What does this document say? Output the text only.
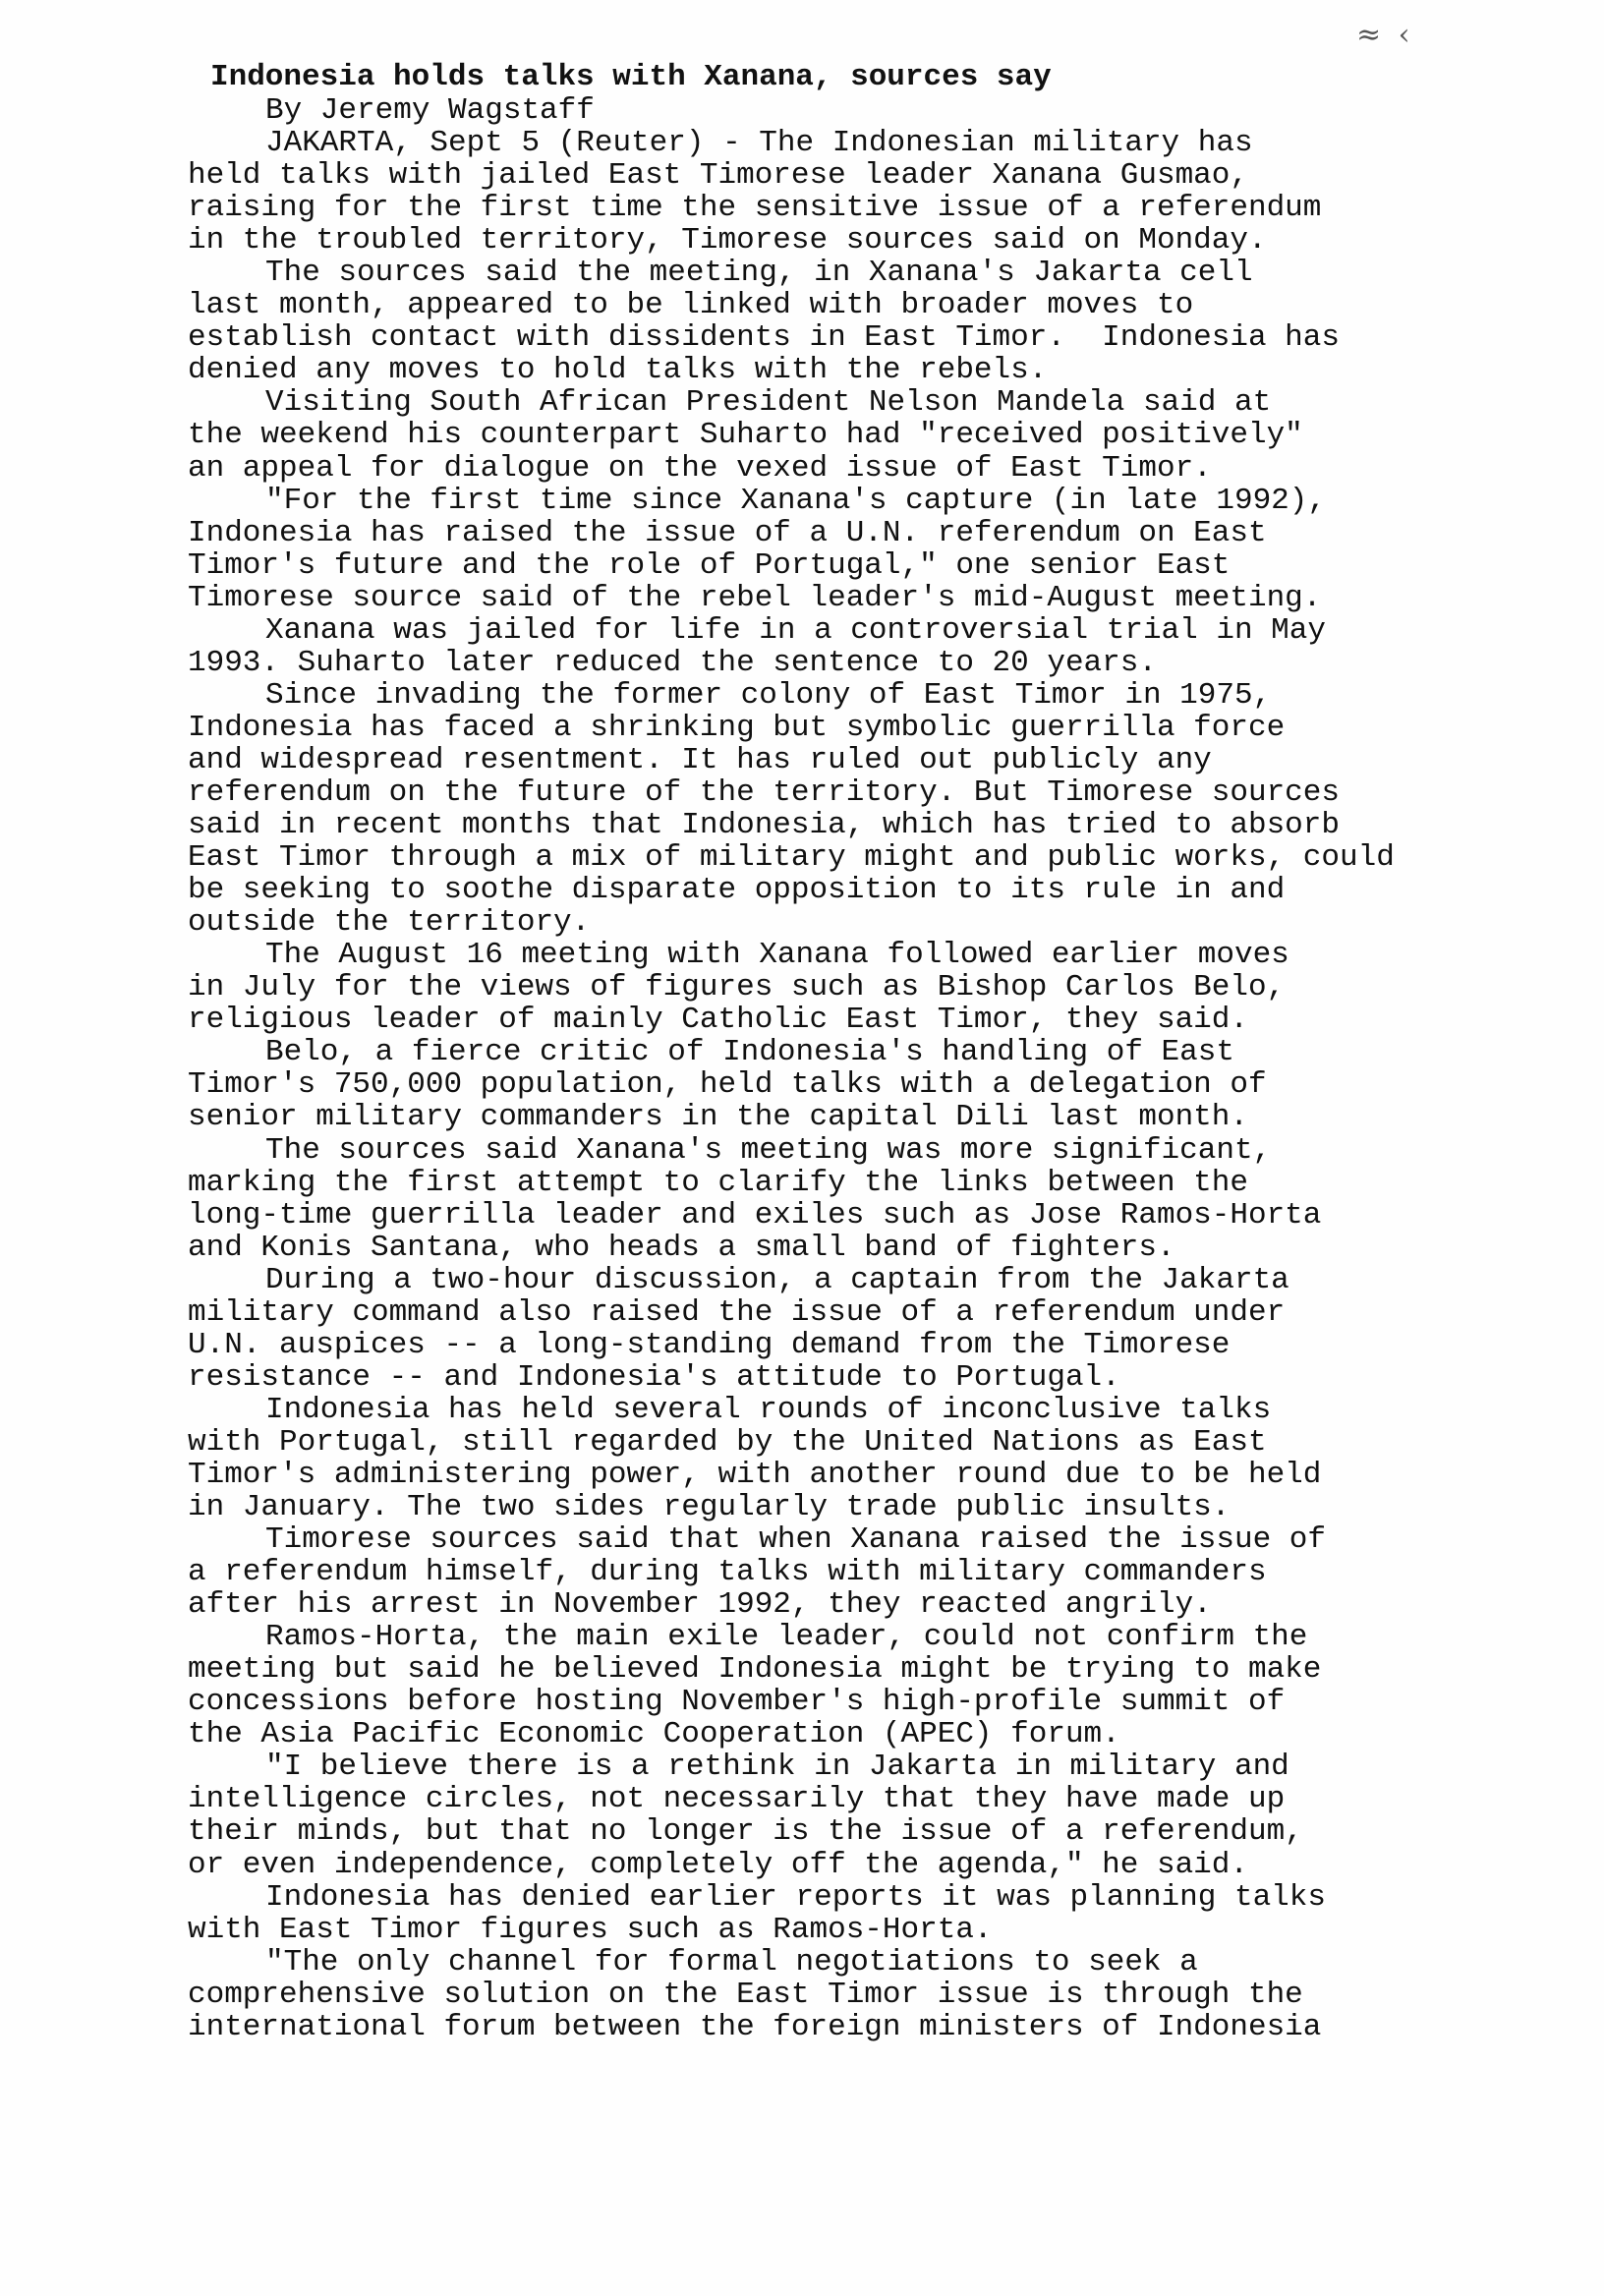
≈ ‹
Indonesia holds talks with Xanana, sources say
By Jeremy Wagstaff
JAKARTA, Sept 5 (Reuter) - The Indonesian military has
held talks with jailed East Timorese leader Xanana Gusmao,
raising for the first time the sensitive issue of a referendum
in the troubled territory, Timorese sources said on Monday.
The sources said the meeting, in Xanana's Jakarta cell
last month, appeared to be linked with broader moves to
establish contact with dissidents in East Timor.  Indonesia has
denied any moves to hold talks with the rebels.
Visiting South African President Nelson Mandela said at
the weekend his counterpart Suharto had "received positively"
an appeal for dialogue on the vexed issue of East Timor.
"For the first time since Xanana's capture (in late 1992),
Indonesia has raised the issue of a U.N. referendum on East
Timor's future and the role of Portugal," one senior East
Timorese source said of the rebel leader's mid-August meeting.
Xanana was jailed for life in a controversial trial in May
1993. Suharto later reduced the sentence to 20 years.
Since invading the former colony of East Timor in 1975,
Indonesia has faced a shrinking but symbolic guerrilla force
and widespread resentment. It has ruled out publicly any
referendum on the future of the territory. But Timorese sources
said in recent months that Indonesia, which has tried to absorb
East Timor through a mix of military might and public works, could
be seeking to soothe disparate opposition to its rule in and
outside the territory.
The August 16 meeting with Xanana followed earlier moves
in July for the views of figures such as Bishop Carlos Belo,
religious leader of mainly Catholic East Timor, they said.
Belo, a fierce critic of Indonesia's handling of East
Timor's 750,000 population, held talks with a delegation of
senior military commanders in the capital Dili last month.
The sources said Xanana's meeting was more significant,
marking the first attempt to clarify the links between the
long-time guerrilla leader and exiles such as Jose Ramos-Horta
and Konis Santana, who heads a small band of fighters.
During a two-hour discussion, a captain from the Jakarta
military command also raised the issue of a referendum under
U.N. auspices -- a long-standing demand from the Timorese
resistance -- and Indonesia's attitude to Portugal.
Indonesia has held several rounds of inconclusive talks
with Portugal, still regarded by the United Nations as East
Timor's administering power, with another round due to be held
in January. The two sides regularly trade public insults.
Timorese sources said that when Xanana raised the issue of
a referendum himself, during talks with military commanders
after his arrest in November 1992, they reacted angrily.
Ramos-Horta, the main exile leader, could not confirm the
meeting but said he believed Indonesia might be trying to make
concessions before hosting November's high-profile summit of
the Asia Pacific Economic Cooperation (APEC) forum.
"I believe there is a rethink in Jakarta in military and
intelligence circles, not necessarily that they have made up
their minds, but that no longer is the issue of a referendum,
or even independence, completely off the agenda," he said.
Indonesia has denied earlier reports it was planning talks
with East Timor figures such as Ramos-Horta.
"The only channel for formal negotiations to seek a
comprehensive solution on the East Timor issue is through the
international forum between the foreign ministers of Indonesia
